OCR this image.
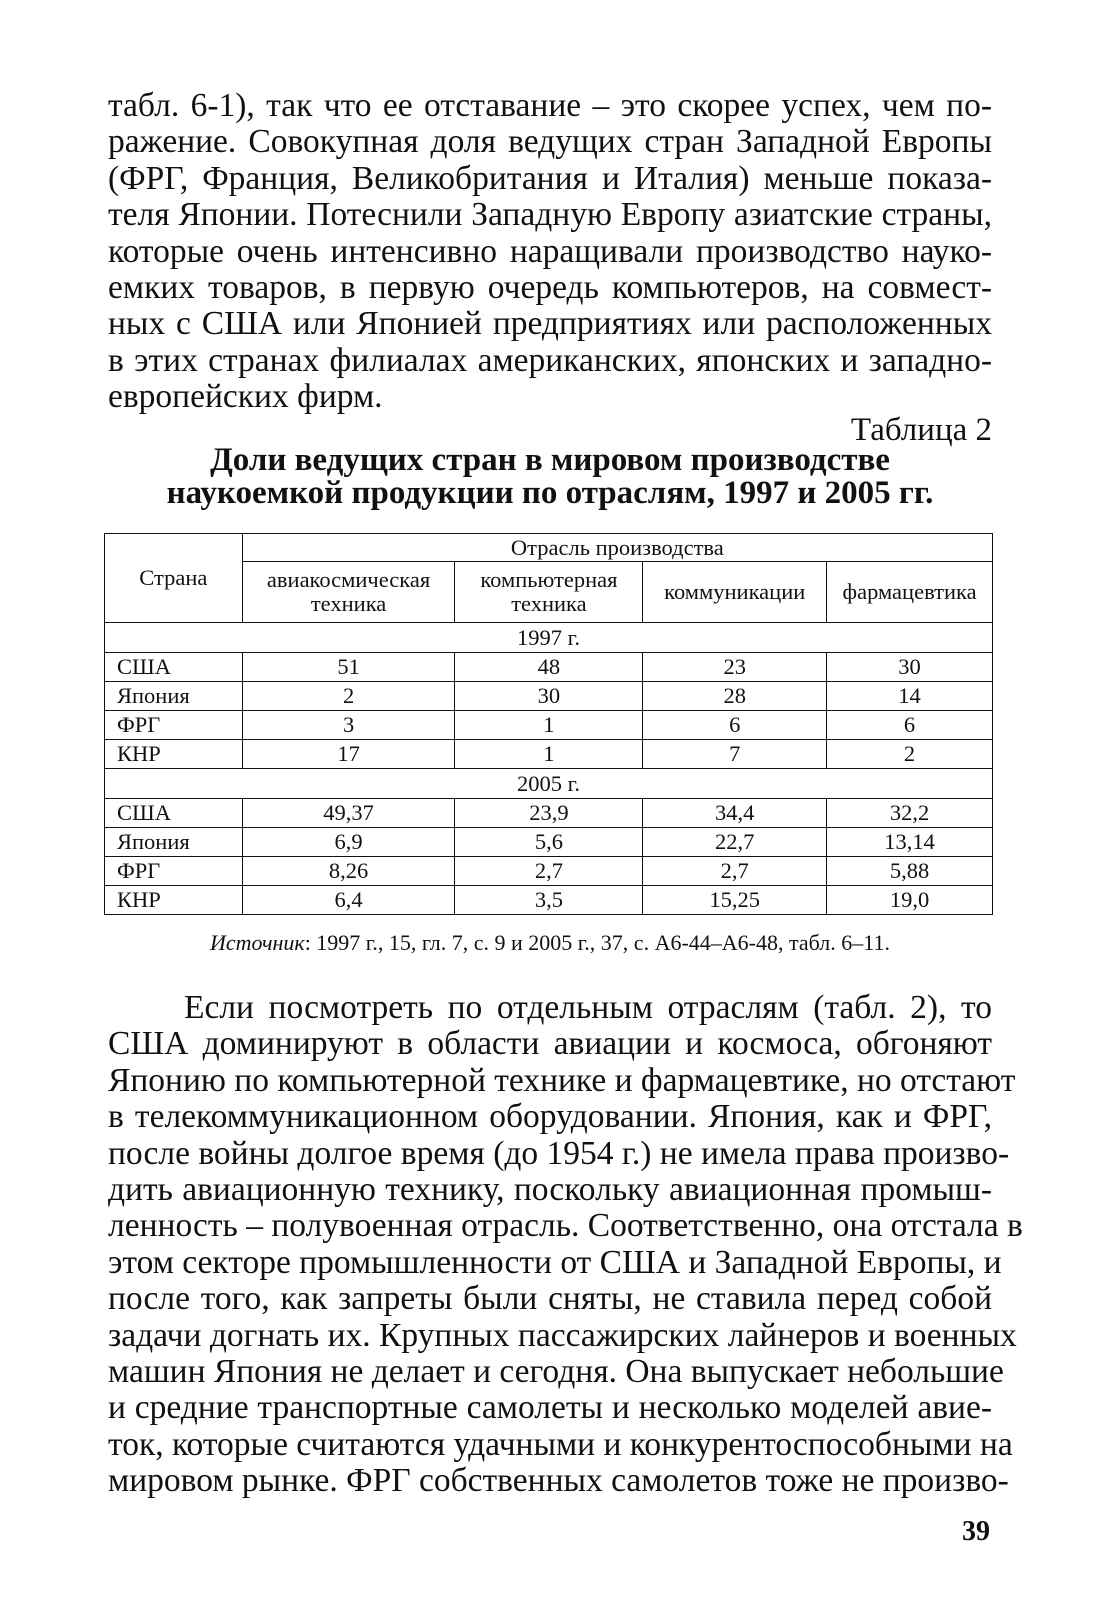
табл. 6-1), так что ее отставание – это скорее успех, чем по-
ражение. Совокупная доля ведущих стран Западной Европы
(ФРГ, Франция, Великобритания и Италия) меньше показа-
теля Японии. Потеснили Западную Европу азиатские страны,
которые очень интенсивно наращивали производство науко-
емких товаров, в первую очередь компьютеров, на совмест-
ных с США или Японией предприятиях или расположенных
в этих странах филиалах американских, японских и западно-
европейских фирм.

Таблица 2

Доли ведущих стран в мировом производстве
наукоемкой продукции по отраслям, 1997 и 2005 гг.
Страна	Отрасль производства			
	авиакосмическая техника	компьютерная техника	коммуникации	фармацевтика
1997 г.				
США	51	48	23	30
Япония	2	30	28	14
ФРГ	3	1	6	6
КНР	17	1	7	2
2005 г.				
США	49,37	23,9	34,4	32,2
Япония	6,9	5,6	22,7	13,14
ФРГ	8,26	2,7	2,7	5,88
КНР	6,4	3,5	15,25	19,0

Источник: 1997 г., 15, гл. 7, с. 9 и 2005 г., 37, с. А6-44–А6-48, табл. 6–11.

Если посмотреть по отдельным отраслям (табл. 2), то
США доминируют в области авиации и космоса, обгоняют
Японию по компьютерной технике и фармацевтике, но отстают
в телекоммуникационном оборудовании. Япония, как и ФРГ,
после войны долгое время (до 1954 г.) не имела права произво-
дить авиационную технику, поскольку авиационная промыш-
ленность – полувоенная отрасль. Соответственно, она отстала в
этом секторе промышленности от США и Западной Европы, и
после того, как запреты были сняты, не ставила перед собой
задачи догнать их. Крупных пассажирских лайнеров и военных
машин Япония не делает и сегодня. Она выпускает небольшие
и средние транспортные самолеты и несколько моделей авие-
ток, которые считаются удачными и конкурентоспособными на
мировом рынке. ФРГ собственных самолетов тоже не произво-

39
